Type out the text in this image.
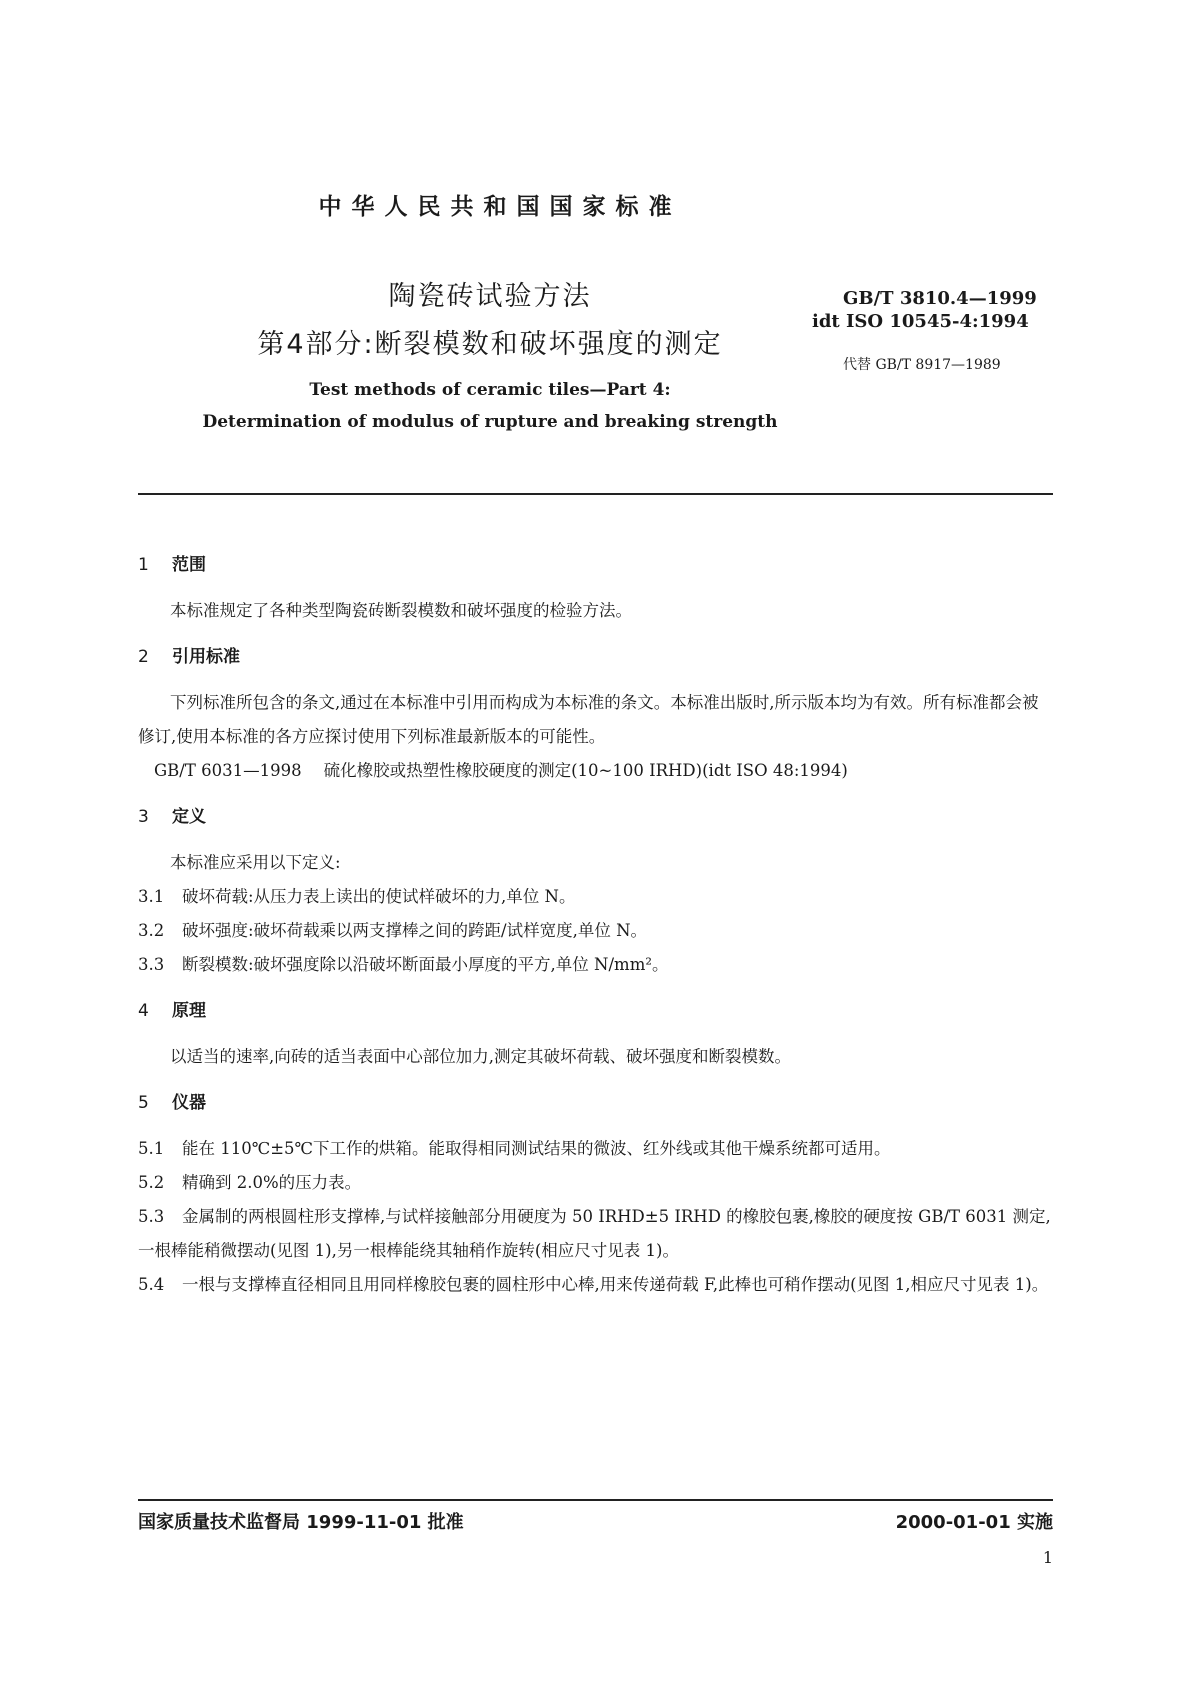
中华人民共和国国家标准
陶瓷砖试验方法
第4部分:断裂模数和破坏强度的测定
Test methods of ceramic tiles—Part 4:
Determination of modulus of rupture and breaking strength
GB/T 3810.4—1999
idt ISO 10545-4:1994
代替 GB/T 8917—1989
1 范围

本标准规定了各种类型陶瓷砖断裂模数和破坏强度的检验方法。

2 引用标准

下列标准所包含的条文,通过在本标准中引用而构成为本标准的条文。本标准出版时,所示版本均为有效。所有标准都会被修订,使用本标准的各方应探讨使用下列标准最新版本的可能性。

GB/T 6031—1998 硫化橡胶或热塑性橡胶硬度的测定(10~100 IRHD)(idt ISO 48:1994)

3 定义

本标准应采用以下定义:

3.1 破坏荷载:从压力表上读出的使试样破坏的力,单位 N。

3.2 破坏强度:破坏荷载乘以两支撑棒之间的跨距/试样宽度,单位 N。

3.3 断裂模数:破坏强度除以沿破坏断面最小厚度的平方,单位 N/mm²。

4 原理

以适当的速率,向砖的适当表面中心部位加力,测定其破坏荷载、破坏强度和断裂模数。

5 仪器

5.1 能在 110℃±5℃下工作的烘箱。能取得相同测试结果的微波、红外线或其他干燥系统都可适用。

5.2 精确到 2.0%的压力表。

5.3 金属制的两根圆柱形支撑棒,与试样接触部分用硬度为 50 IRHD±5 IRHD 的橡胶包裹,橡胶的硬度按 GB/T 6031 测定,一根棒能稍微摆动(见图 1),另一根棒能绕其轴稍作旋转(相应尺寸见表 1)。

5.4 一根与支撑棒直径相同且用同样橡胶包裹的圆柱形中心棒,用来传递荷载 F,此棒也可稍作摆动(见图 1,相应尺寸见表 1)。

国家质量技术监督局 1999-11-01 批准	2000-01-01 实施
1
